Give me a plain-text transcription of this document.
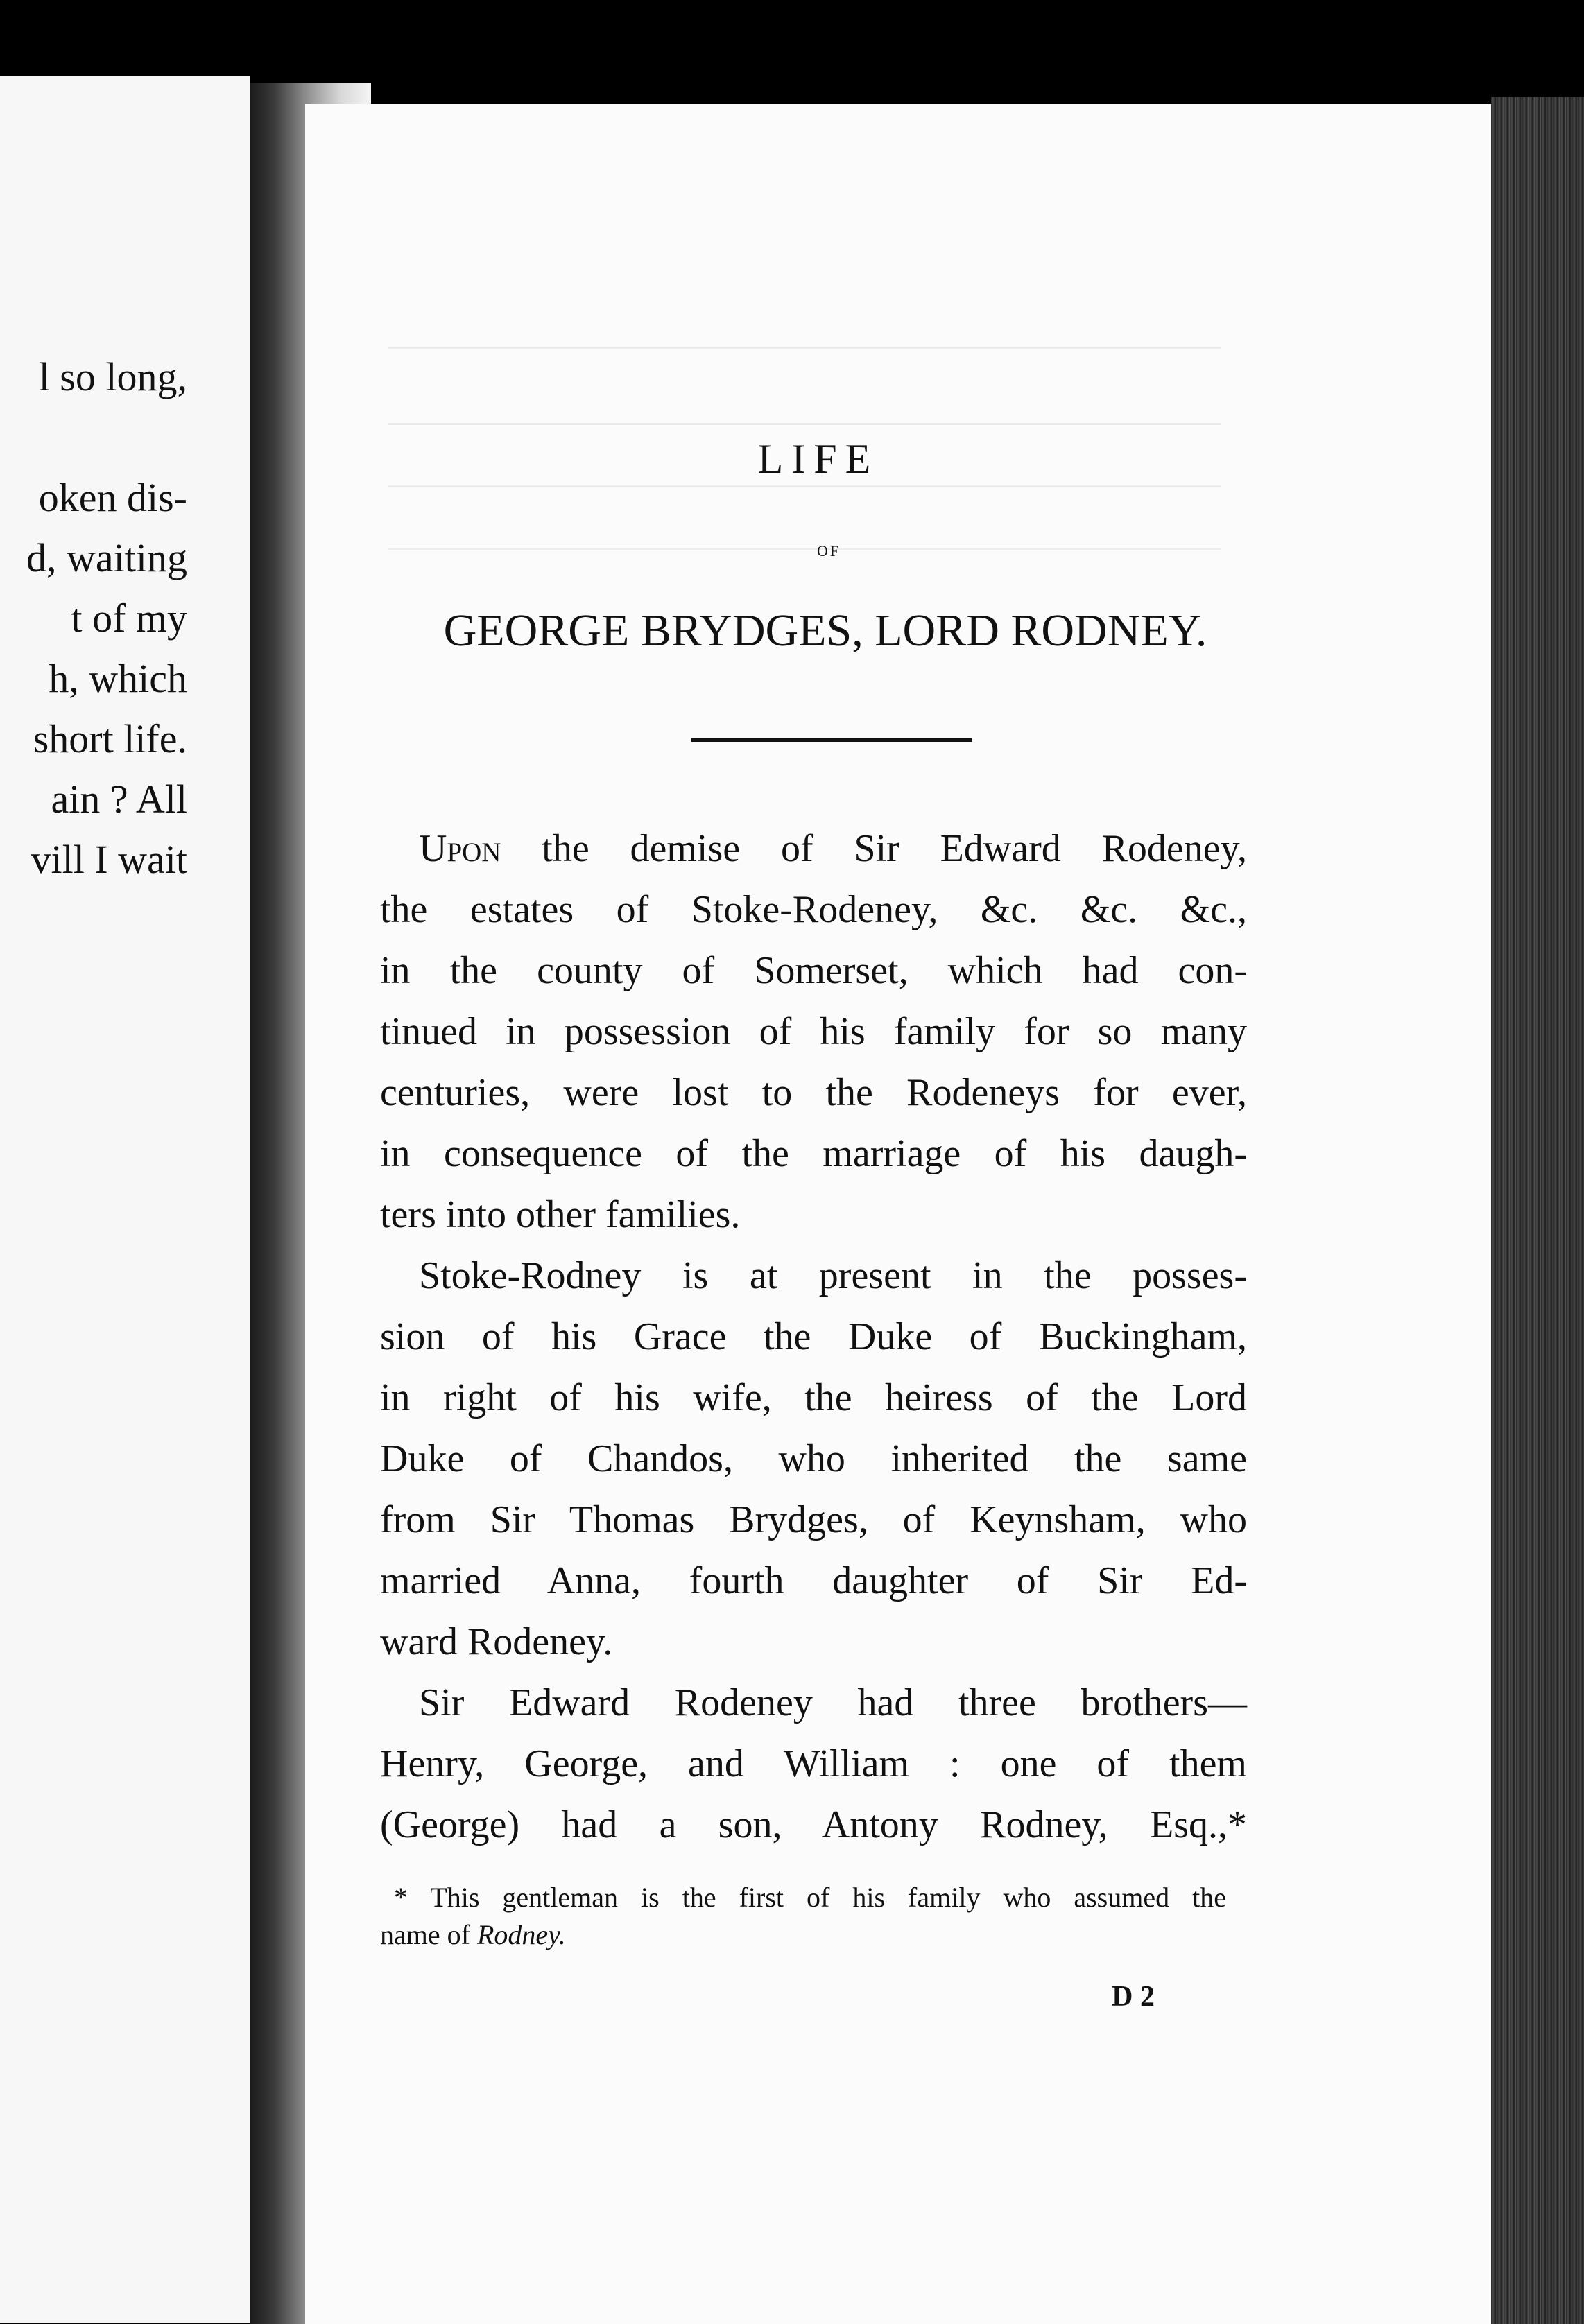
l so long,
oken dis-
d, waiting
t of my
h, which
short life.
ain ? All
vill I wait
LIFE
OF
GEORGE BRYDGES, LORD RODNEY.
Upon the demise of Sir Edward Rodeney,
the estates of Stoke-Rodeney, &c. &c. &c.,
in the county of Somerset, which had con-
tinued in possession of his family for so many
centuries, were lost to the Rodeneys for ever,
in consequence of the marriage of his daugh-
ters into other families.
Stoke-Rodney is at present in the posses-
sion of his Grace the Duke of Buckingham,
in right of his wife, the heiress of the Lord
Duke of Chandos, who inherited the same
from Sir Thomas Brydges, of Keynsham, who
married Anna, fourth daughter of Sir Ed-
ward Rodeney.
Sir Edward Rodeney had three brothers—
Henry, George, and William : one of them
(George) had a son, Antony Rodney, Esq.,*
* This gentleman is the first of his family who assumed the
name of Rodney.
D 2
